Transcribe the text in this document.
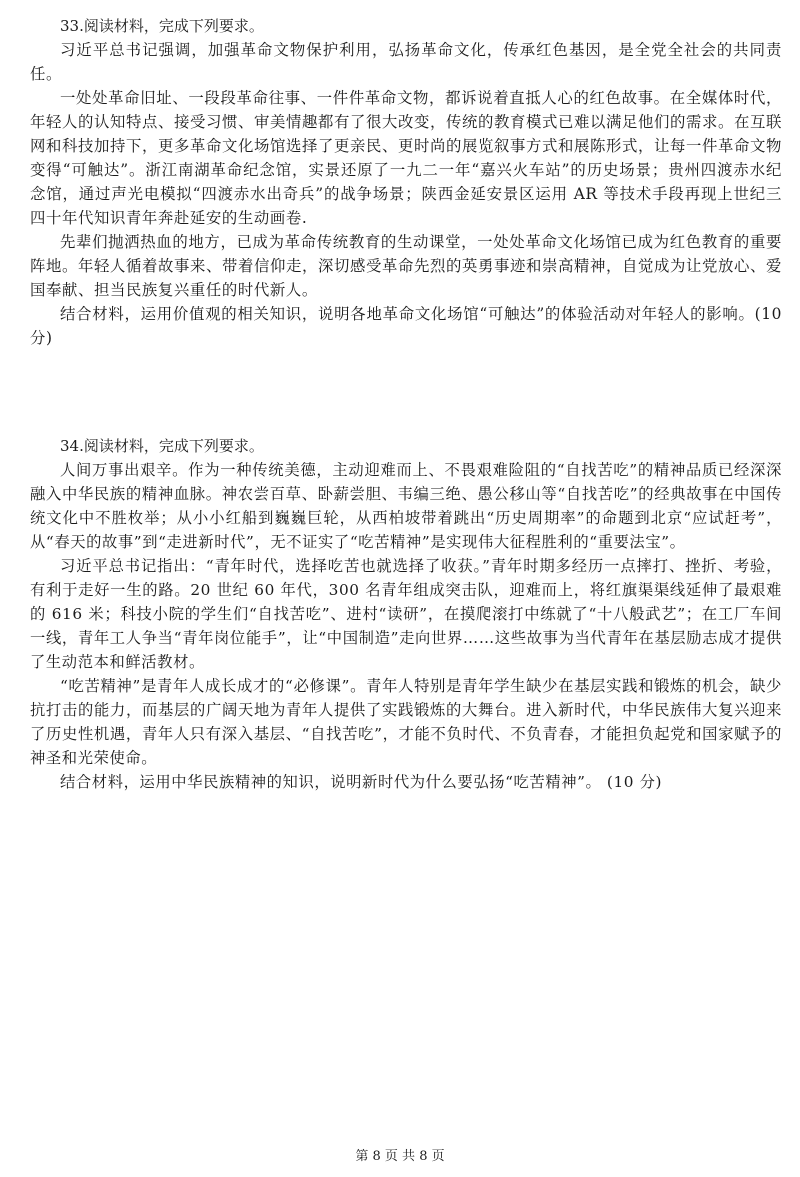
33.阅读材料，完成下列要求。

习近平总书记强调，加强革命文物保护利用，弘扬革命文化，传承红色基因，是全党全社会的共同责任。

一处处革命旧址、一段段革命往事、一件件革命文物，都诉说着直抵人心的红色故事。在全媒体时代，年轻人的认知特点、接受习惯、审美情趣都有了很大改变，传统的教育模式已难以满足他们的需求。在互联网和科技加持下，更多革命文化场馆选择了更亲民、更时尚的展览叙事方式和展陈形式，让每一件革命文物变得“可触达”。浙江南湖革命纪念馆，实景还原了一九二一年“嘉兴火车站”的历史场景；贵州四渡赤水纪念馆，通过声光电模拟“四渡赤水出奇兵”的战争场景；陕西金延安景区运用 AR 等技术手段再现上世纪三四十年代知识青年奔赴延安的生动画卷.

先辈们抛洒热血的地方，已成为革命传统教育的生动课堂，一处处革命文化场馆已成为红色教育的重要阵地。年轻人循着故事来、带着信仰走，深切感受革命先烈的英勇事迹和崇高精神，自觉成为让党放心、爱国奉献、担当民族复兴重任的时代新人。

结合材料，运用价值观的相关知识，说明各地革命文化场馆“可触达”的体验活动对年轻人的影响。(10 分)

34.阅读材料，完成下列要求。

人间万事出艰辛。作为一种传统美德，主动迎难而上、不畏艰难险阻的“自找苦吃”的精神品质已经深深融入中华民族的精神血脉。神农尝百草、卧薪尝胆、韦编三绝、愚公移山等“自找苦吃”的经典故事在中国传统文化中不胜枚举；从小小红船到巍巍巨轮，从西柏坡带着跳出“历史周期率”的命题到北京“应试赶考”，从“春天的故事”到“走进新时代”，无不证实了“吃苦精神”是实现伟大征程胜利的“重要法宝”。

习近平总书记指出：“青年时代，选择吃苦也就选择了收获。”青年时期多经历一点摔打、挫折、考验，有利于走好一生的路。20 世纪 60 年代，300 名青年组成突击队，迎难而上，将红旗渠渠线延伸了最艰难的 616 米；科技小院的学生们“自找苦吃”、进村“读研”，在摸爬滚打中练就了“十八般武艺”；在工厂车间一线，青年工人争当“青年岗位能手”，让“中国制造”走向世界……这些故事为当代青年在基层励志成才提供了生动范本和鲜活教材。

“吃苦精神”是青年人成长成才的“必修课”。青年人特别是青年学生缺少在基层实践和锻炼的机会，缺少抗打击的能力，而基层的广阔天地为青年人提供了实践锻炼的大舞台。进入新时代，中华民族伟大复兴迎来了历史性机遇，青年人只有深入基层、“自找苦吃”，才能不负时代、不负青春，才能担负起党和国家赋予的神圣和光荣使命。

结合材料，运用中华民族精神的知识，说明新时代为什么要弘扬“吃苦精神”。 (10 分)

第 8 页 共 8 页
